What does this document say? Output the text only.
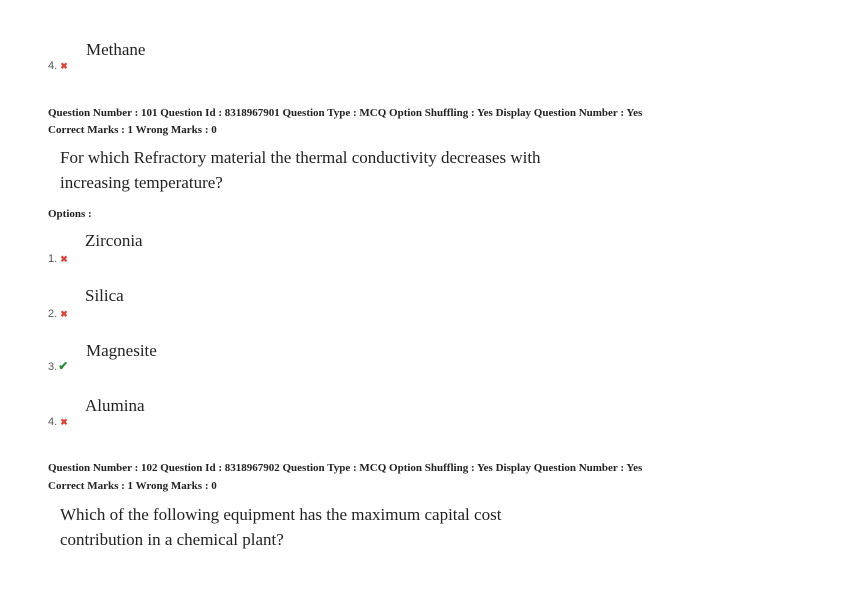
Methane
4. ✖
Question Number : 101 Question Id : 8318967901 Question Type : MCQ Option Shuffling : Yes Display Question Number : Yes
Correct Marks : 1 Wrong Marks : 0
For which Refractory material the thermal conductivity decreases with
increasing temperature?
Options :
Zirconia
1. ✖
Silica
2. ✖
Magnesite
3.✔
Alumina
4. ✖
Question Number : 102 Question Id : 8318967902 Question Type : MCQ Option Shuffling : Yes Display Question Number : Yes
Correct Marks : 1 Wrong Marks : 0
Which of the following equipment has the maximum capital cost
contribution in a chemical plant?
